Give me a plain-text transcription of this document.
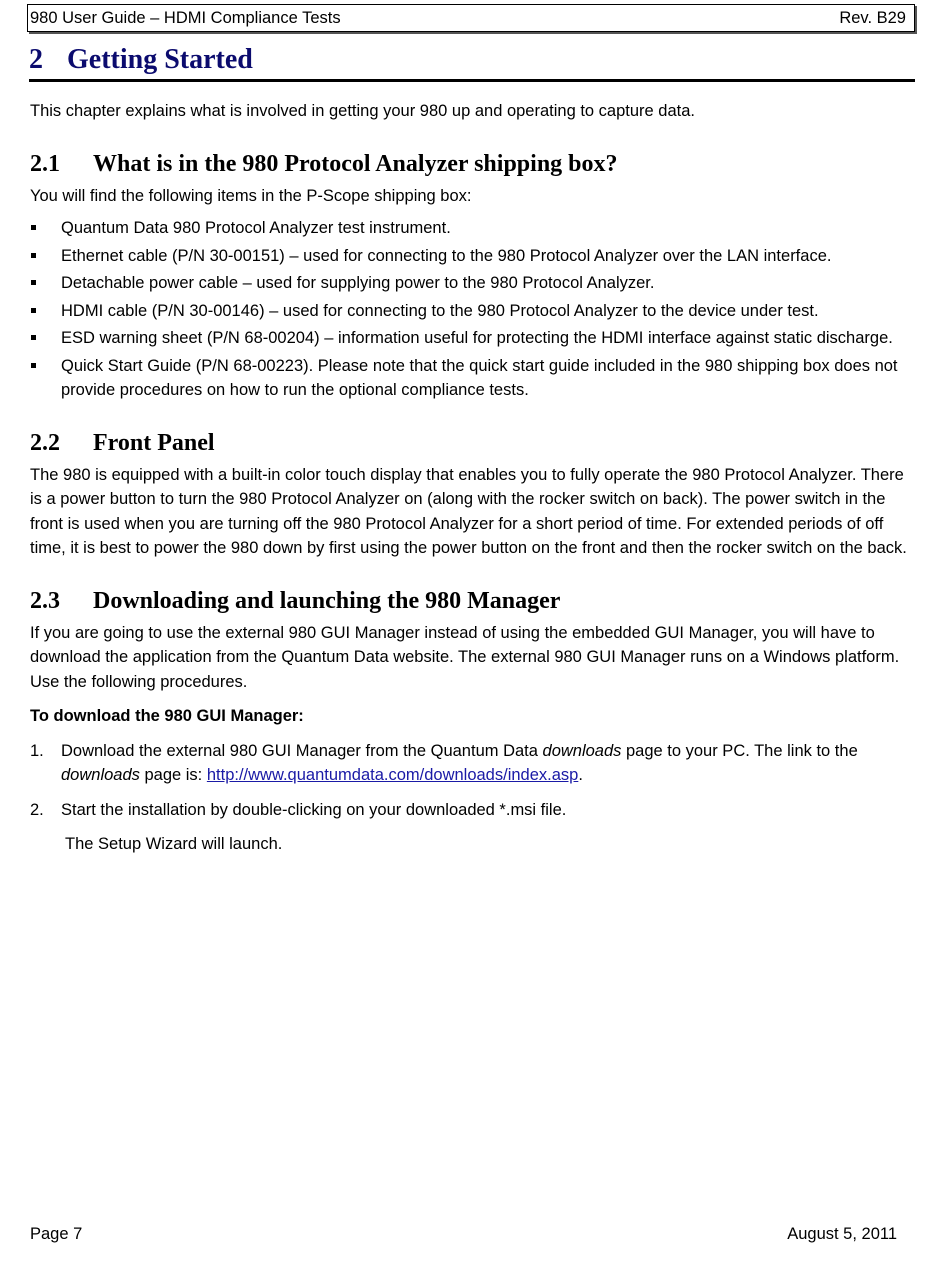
980 User Guide – HDMI Compliance Tests	Rev. B29
2 Getting Started

This chapter explains what is involved in getting your 980 up and operating to capture data.

2.1 What is in the 980 Protocol Analyzer shipping box?

You will find the following items in the P-Scope shipping box:

Quantum Data 980 Protocol Analyzer test instrument.
Ethernet cable (P/N 30-00151) – used for connecting to the 980 Protocol Analyzer over the LAN interface.
Detachable power cable – used for supplying power to the 980 Protocol Analyzer.
HDMI cable (P/N 30-00146) – used for connecting to the 980 Protocol Analyzer to the device under test.
ESD warning sheet (P/N 68-00204) – information useful for protecting the HDMI interface against static discharge.
Quick Start Guide (P/N 68-00223). Please note that the quick start guide included in the 980 shipping box does not provide procedures on how to run the optional compliance tests.
2.2 Front Panel

The 980 is equipped with a built-in color touch display that enables you to fully operate the 980 Protocol Analyzer. There is a power button to turn the 980 Protocol Analyzer on (along with the rocker switch on back). The power switch in the front is used when you are turning off the 980 Protocol Analyzer for a short period of time. For extended periods of off time, it is best to power the 980 down by first using the power button on the front and then the rocker switch on the back.

2.3 Downloading and launching the 980 Manager

If you are going to use the external 980 GUI Manager instead of using the embedded GUI Manager, you will have to download the application from the Quantum Data website. The external 980 GUI Manager runs on a Windows platform. Use the following procedures.

To download the 980 GUI Manager:

1. Download the external 980 GUI Manager from the Quantum Data downloads page to your PC. The link to the downloads page is: http://www.quantumdata.com/downloads/index.asp.
2. Start the installation by double-clicking on your downloaded *.msi file.

The Setup Wizard will launch.

Page 7	August 5, 2011
